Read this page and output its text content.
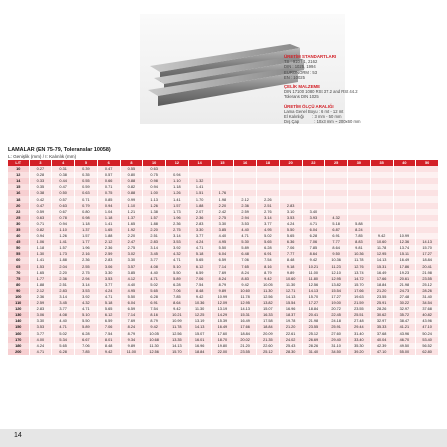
ÜRETİM STANDARTLARI
TS : 910 / 1, 2162
DIN : 1025, 1994
EURONORM : 53
EN : 10025
ÇELİK MALZEME
DIN 17100 1080 RSt 37.2 and RSt 44.2
Tolerans DIN 1025
ÜRETİM ÖLÇÜ ARALIĞI
Lama Genel Boyu : 6 mt - 12 mt
El Kalınlığı       : 3 mm - 50 mm
Dış Çap             : 10x3 mm ~ 200x60 mm
LAMALAR (EN 75-79, Toleranslar 10058)
L: Genişlik (mm) / I: Kalınlık (mm)
L/T	3	4	5	6	8	10	12	14	15	16	18	20	22	25	30	35	40	50
10	0.27	0.31	0.39	0.47	0.55	0.63												
12	0.28	0.38	0.35	0.57	0.80	0.75	0.94											
14	0.33	0.44	0.55	0.66	0.88	0.98	1.10	1.32										
15	0.35	0.47	0.59	0.71	0.82	0.94	1.18	1.41										
16	0.38	0.50	0.63	0.75	0.88	1.00	1.26	1.51	1.76									
18	0.42	0.57	0.71	0.85	0.99	1.13	1.41	1.70	1.98	2.12	2.26							
20	0.47	0.63	0.79	0.94	1.10	1.26	1.57	1.88	2.20	2.36	2.51	2.83						
22	0.59	0.67	0.80	1.04	1.21	1.38	1.73	2.07	2.42	2.59	2.76	3.10	3.40					
25	0.63	0.78	0.98	1.18	1.37	1.57	1.96	2.36	2.75	2.94	3.14	3.53	3.93	4.32				
30	0.71	0.94	1.18	1.41	1.65	1.88	2.36	2.83	3.30	3.53	3.77	4.24	4.71	5.18	5.88			
35	0.82	1.10	1.37	1.65	1.92	2.20	2.75	3.30	3.85	4.40	4.95	5.50	6.04	6.87	8.24			
40	0.94	1.26	1.57	1.88	2.20	2.51	3.14	3.77	4.40	4.71	5.02	5.65	6.28	6.91	7.85	9.42	10.99	
45	1.06	1.41	1.77	2.12	2.47	2.83	3.53	4.24	4.95	5.30	5.65	6.36	7.06	7.77	8.83	10.60	12.36	14.13
50	1.18	1.57	1.96	2.36	2.75	3.14	3.92	4.71	5.50	5.89	6.28	7.06	7.85	8.64	9.81	11.78	13.74	15.70
55	1.30	1.73	2.16	2.59	3.02	3.45	4.32	5.18	6.04	6.48	6.91	7.77	8.64	9.50	10.36	12.95	15.11	17.27
60	1.41	1.88	2.36	2.83	3.30	3.77	4.71	5.65	6.59	7.06	7.54	8.48	9.42	10.36	11.78	14.13	16.49	18.84
65	1.53	2.04	2.55	3.06	3.57	4.08	5.10	6.12	7.14	7.65	8.16	9.18	10.21	11.23	12.76	15.31	17.86	20.41
70	1.65	2.20	2.75	3.30	3.85	4.40	5.50	6.59	7.69	8.24	8.79	9.89	11.00	12.10	13.74	16.49	19.23	21.98
75	1.77	2.36	2.94	3.53	4.12	4.71	5.89	7.06	8.24	8.83	9.42	10.60	11.80	12.95	14.72	17.66	20.61	23.55
80	1.88	2.51	3.14	3.77	4.40	5.02	6.28	7.54	8.79	9.42	10.05	11.30	12.56	13.82	15.70	18.84	21.98	25.12
90	2.12	2.83	3.53	4.24	4.95	5.65	7.06	8.48	9.89	10.60	11.30	12.71	14.13	15.54	17.66	21.20	24.73	28.26
100	2.36	3.14	3.92	4.71	5.50	6.28	7.85	9.42	10.99	11.78	12.56	14.13	15.70	17.27	19.63	23.55	27.48	31.40
110	2.59	3.45	4.32	5.18	6.04	6.91	8.64	10.36	12.09	12.95	13.82	15.54	17.27	19.00	21.59	25.91	30.22	34.54
120	2.83	3.77	4.71	5.65	6.59	7.54	9.42	11.30	13.19	14.13	15.07	16.96	18.84	20.72	23.55	28.26	32.97	37.68
130	3.06	4.08	5.10	6.12	7.14	8.16	10.21	12.25	14.29	15.31	16.33	18.37	20.41	22.45	25.51	30.62	35.72	40.82
140	3.30	4.40	5.50	6.59	7.69	8.79	10.99	13.19	15.39	16.49	17.58	19.78	21.98	24.18	27.48	32.97	38.47	43.96
150	3.53	4.71	5.89	7.06	8.24	9.42	11.78	14.13	16.49	17.66	18.84	21.20	23.55	25.91	29.44	35.33	41.21	47.10
160	3.77	5.02	6.28	7.54	8.79	10.05	12.56	15.07	17.60	18.84	20.09	22.61	25.12	27.60	31.40	37.68	43.96	50.24
170	4.00	5.34	6.67	8.01	9.34	10.68	13.35	16.01	18.70	20.02	21.35	24.02	26.69	29.40	33.40	40.04	46.70	53.40
180	4.24	5.65	7.06	8.48	9.89	11.30	14.13	16.96	19.80	21.20	22.60	25.43	28.26	31.10	35.30	42.39	49.50	56.52
200	4.71	6.28	7.85	9.42	11.00	12.56	15.70	18.84	22.00	23.55	25.12	28.30	31.40	34.50	39.20	47.10	55.00	62.80
14
